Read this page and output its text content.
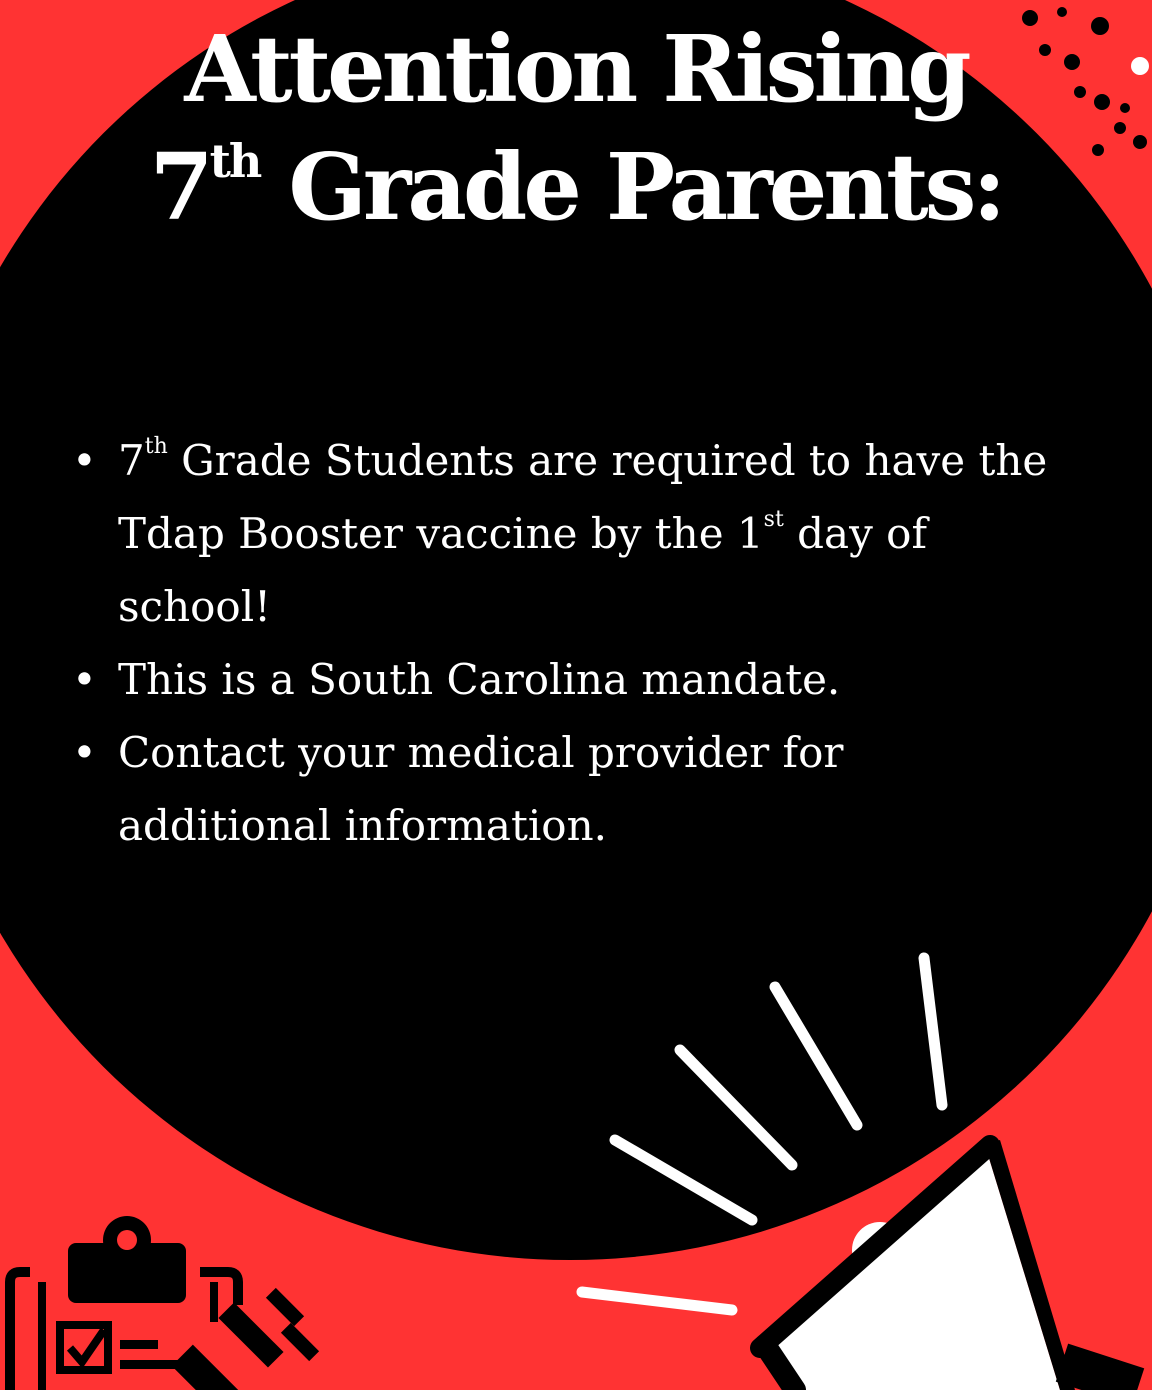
Attention Rising
7th Grade Parents:
• 7th Grade Students are required to have the Tdap Booster vaccine by the 1st day of school!
• This is a South Carolina mandate.
• Contact your medical provider for additional information.
